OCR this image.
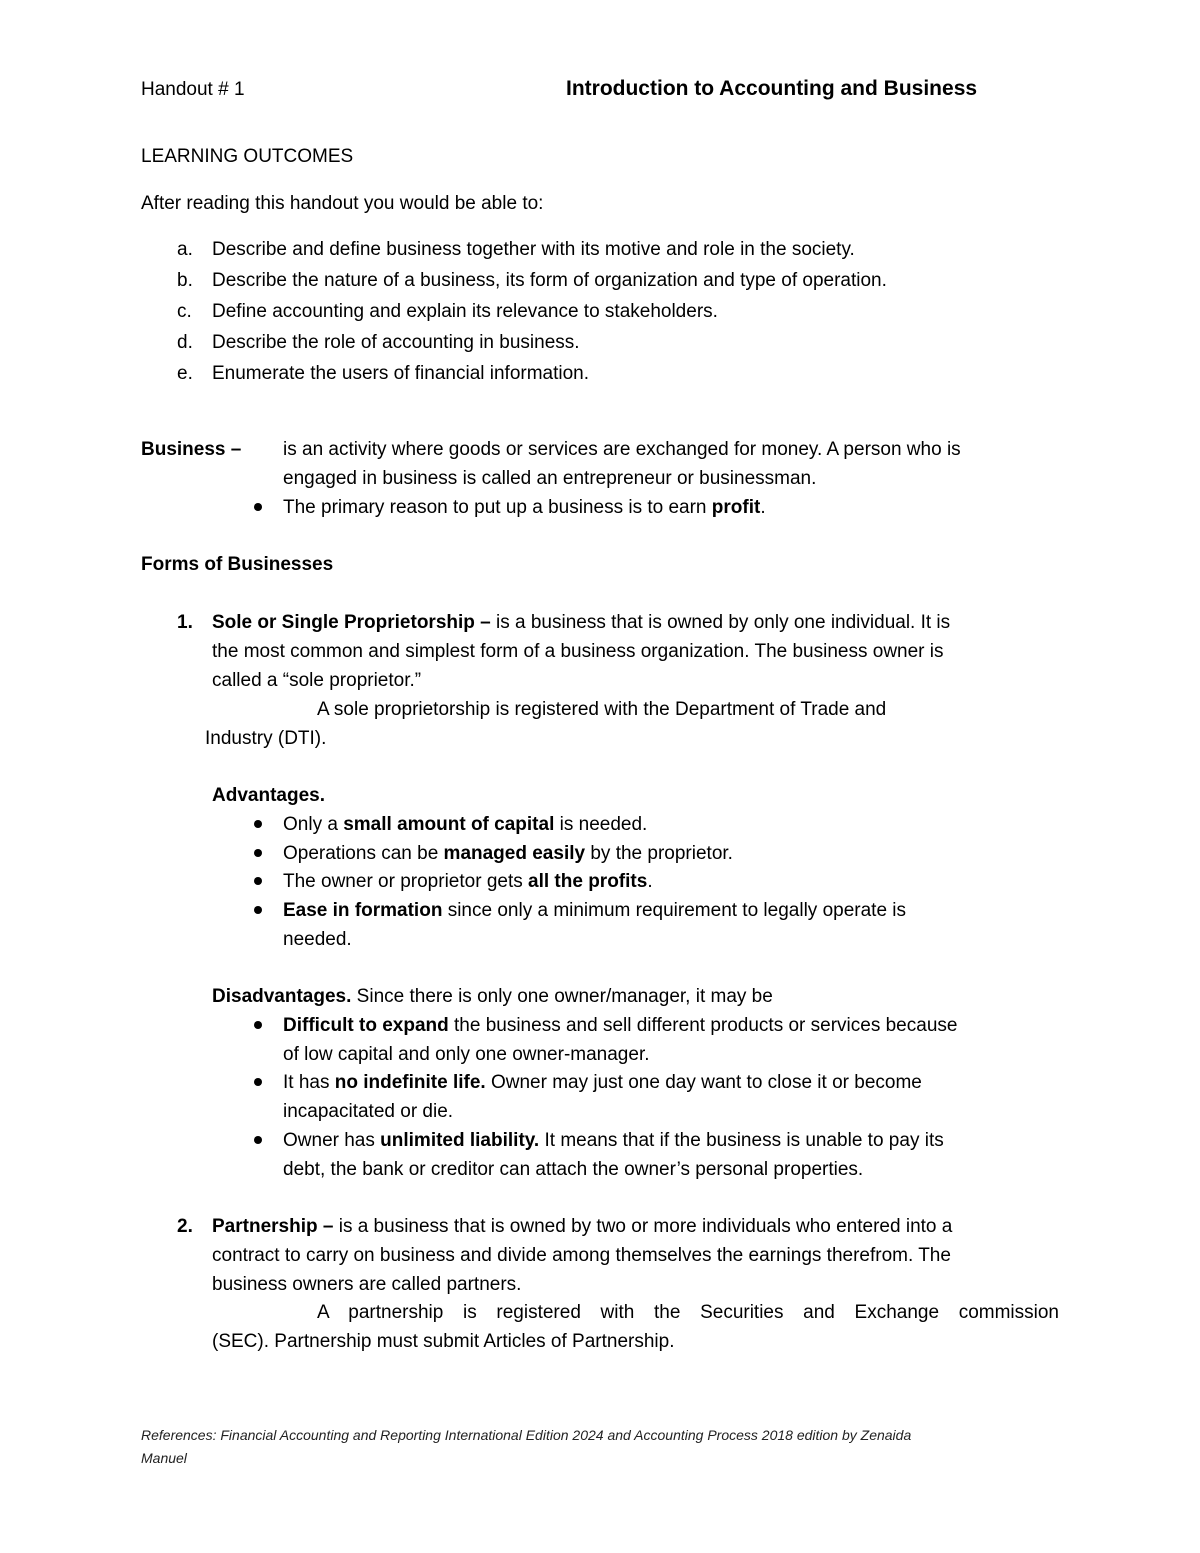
Handout # 1	Introduction to Accounting and Business
LEARNING OUTCOMES
After reading this handout you would be able to:
a. Describe and define business together with its motive and role in the society.
b. Describe the nature of a business, its form of organization and type of operation.
c. Define accounting and explain its relevance to stakeholders.
d. Describe the role of accounting in business.
e. Enumerate the users of financial information.
Business – is an activity where goods or services are exchanged for money. A person who is
engaged in business is called an entrepreneur or businessman.
The primary reason to put up a business is to earn profit.
Forms of Businesses
1. Sole or Single Proprietorship – is a business that is owned by only one individual. It is
the most common and simplest form of a business organization. The business owner is
called a “sole proprietor.”
A sole proprietorship is registered with the Department of Trade and
Industry (DTI).
Advantages.
Only a small amount of capital is needed.
Operations can be managed easily by the proprietor.
The owner or proprietor gets all the profits.
Ease in formation since only a minimum requirement to legally operate is
needed.
Disadvantages. Since there is only one owner/manager, it may be
Difficult to expand the business and sell different products or services because
of low capital and only one owner-manager.
It has no indefinite life. Owner may just one day want to close it or become
incapacitated or die.
Owner has unlimited liability. It means that if the business is unable to pay its
debt, the bank or creditor can attach the owner’s personal properties.
2. Partnership – is a business that is owned by two or more individuals who entered into a
contract to carry on business and divide among themselves the earnings therefrom. The
business owners are called partners.
A partnership is registered with the Securities and Exchange commission
(SEC). Partnership must submit Articles of Partnership.
References: Financial Accounting and Reporting International Edition 2024 and Accounting Process 2018 edition by Zenaida
Manuel
